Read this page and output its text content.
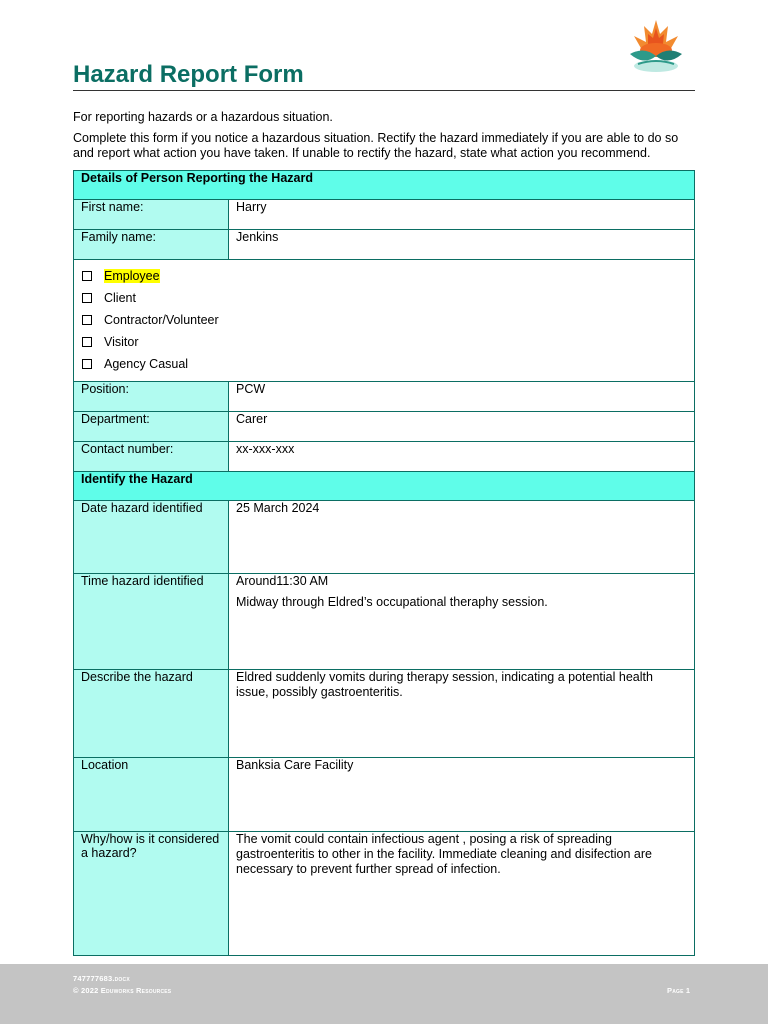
Hazard Report Form

For reporting hazards or a hazardous situation.

Complete this form if you notice a hazardous situation. Rectify the hazard immediately if you are able to do so and report what action you have taken. If unable to rectify the hazard, state what action you recommend.

Details of Person Reporting the Hazard	
First name:	Harry
Family name:	Jenkins

Employee
Client
Contractor/Volunteer
Visitor
Agency Casual	

Position:	PCW
Department:	Carer
Contact number:	xx-xxx-xxx
Identify the Hazard	
Date hazard identified	25 March 2024

Time hazard identified	Around11:30 AM

Midway through Eldred’s occupational theraphy session.

Describe the hazard	Eldred suddenly vomits during therapy session, indicating a potential health issue, possibly gastroenteritis.

Location	Banksia Care Facility

Why/how is it considered a hazard?	The vomit could contain infectious agent , posing a risk of spreading gastroenteritis to other in the facility. Immediate cleaning and disifection are necessary to prevent further spread of infection.

747777683.docx
© 2022 Eduworks Resources	Page 1
